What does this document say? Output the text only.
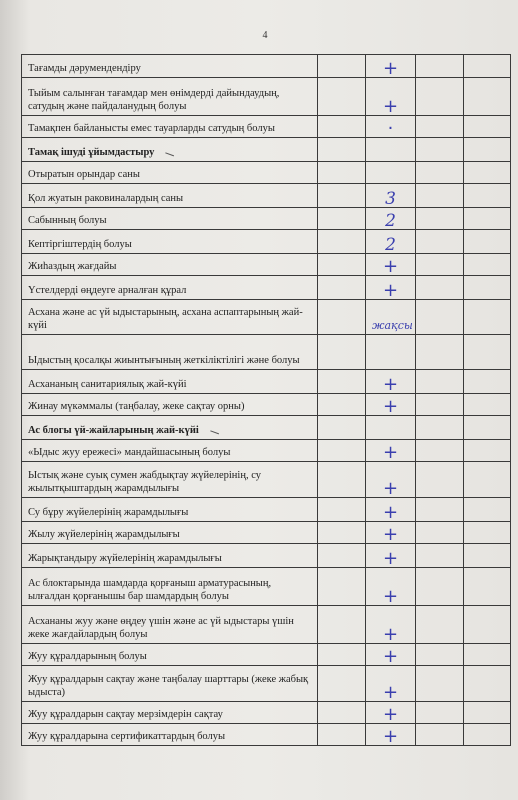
4
Тағамды дәрумендендіру		+		
Тыйым салынған тағамдар мен өнімдерді дайындаудың, сатудың және пайдаланудың болуы		+		
Тамақпен байланысты емес тауарларды сатудың болуы		·		
Тамақ ішуді ұйымдастыру				
Отыратын орындар саны				
Қол жуатын раковиналардың саны		3		
Сабынның болуы		2		
Кептіргіштердің болуы		2		
Жиһаздың жағдайы		+		
Үстелдерді өңдеуге арналған құрал		+		
Асхана және ас үй ыдыстарының, асхана аспаптарының жай-күйі		жақсы		
Ыдыстың қосалқы жиынтығының жеткіліктілігі және болуы				
Асхананың санитариялық жай-күйі		+		
Жинау мүкәммалы (таңбалау, жеке сақтау орны)		+		
Ас блогы үй-жайларының жай-күйі				
«Ыдыс жуу ережесі» мандайшасының болуы		+		
Ыстық және суық сумен жабдықтау жүйелерінің, су жылытқыштардың жарамдылығы		+		
Су бұру жүйелерінің жарамдылығы		+		
Жылу жүйелерінің жарамдылығы		+		
Жарықтандыру жүйелерінің жарамдылығы		+		
Ас блоктарында шамдарда қорғаныш арматурасының, ылғалдан қорғанышы бар шамдардың болуы		+		
Асхананы жуу және өңдеу үшін және ас үй ыдыстары үшін жеке жағдайлардың болуы		+		
Жуу құралдарының болуы		+		
Жуу құралдарын сақтау және таңбалау шарттары (жеке жабық ыдыста)		+		
Жуу құралдарын сақтау мерзімдерін сақтау		+		
Жуу құралдарына сертификаттардың болуы		+		
